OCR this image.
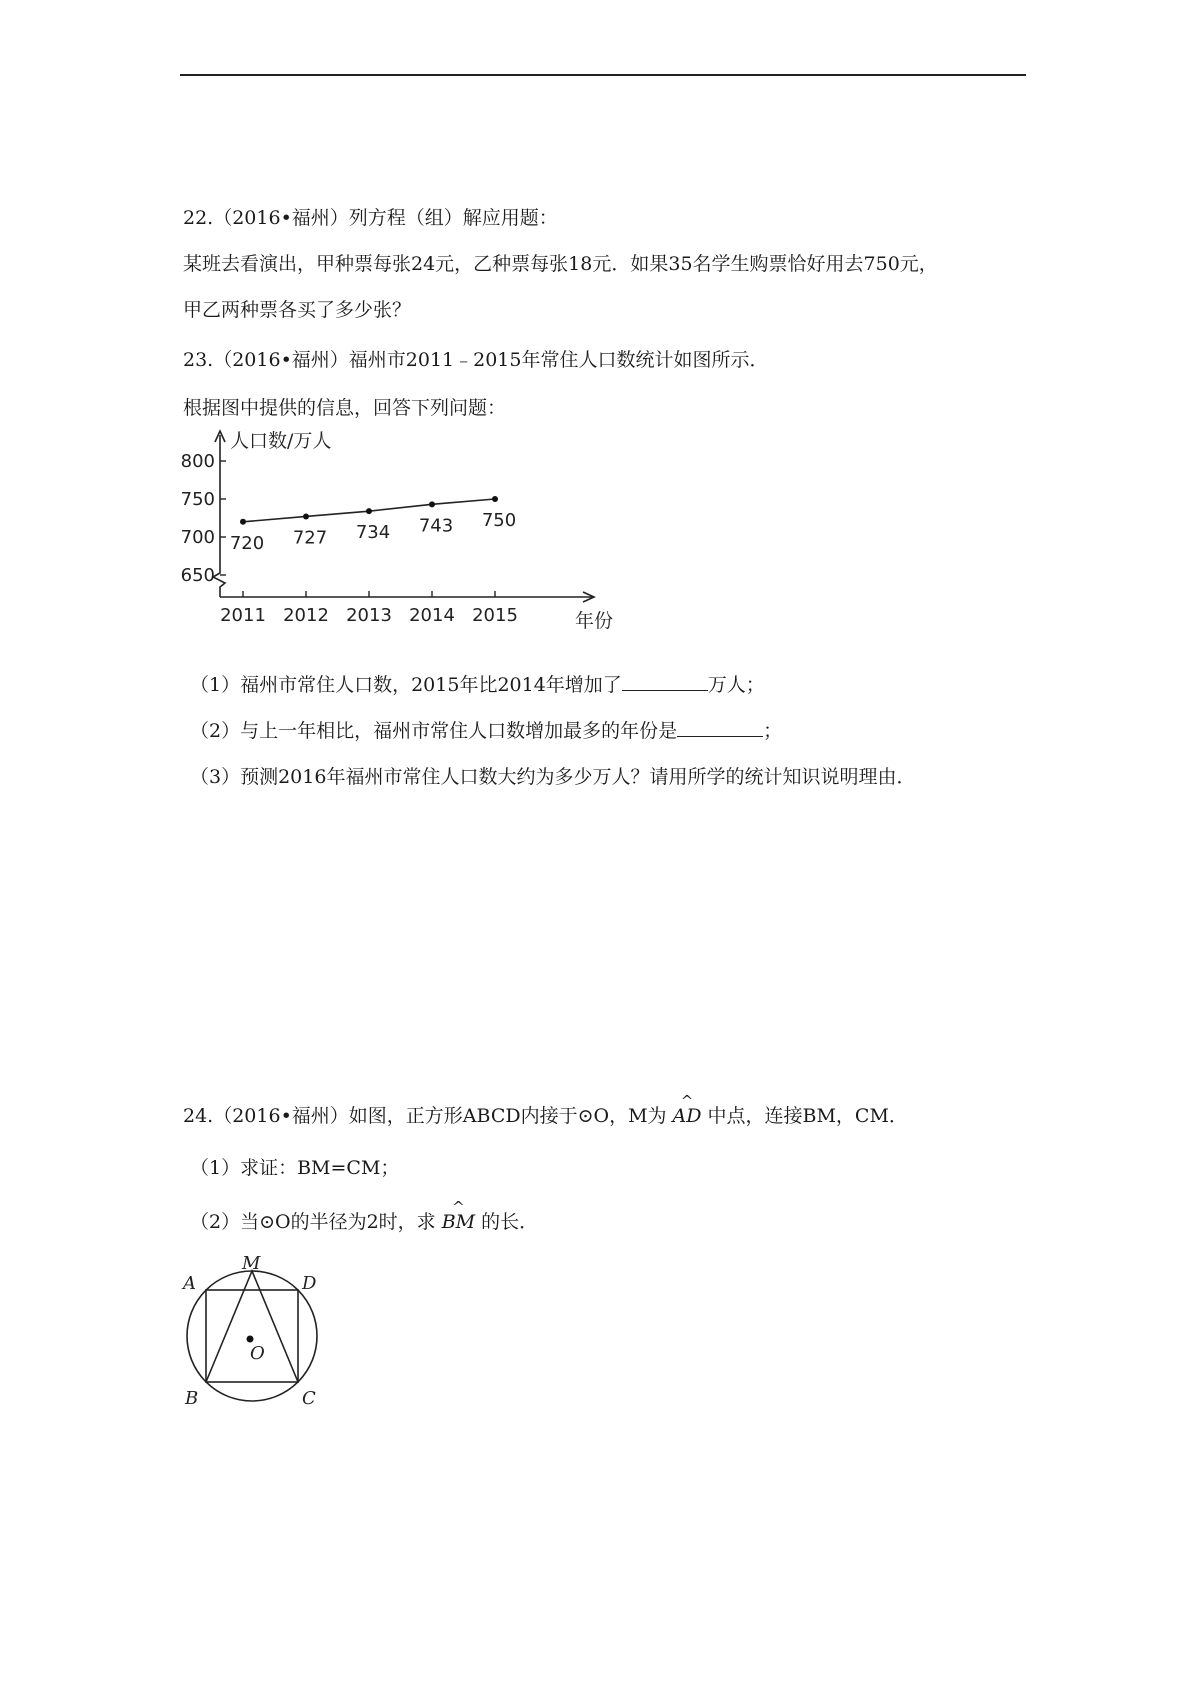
22.（2016•福州）列方程（组）解应用题：
某班去看演出，甲种票每张24元，乙种票每张18元．如果35名学生购票恰好用去750元，
甲乙两种票各买了多少张？
23.（2016•福州）福州市2011﹣2015年常住人口数统计如图所示．
根据图中提供的信息，回答下列问题：
人口数/万人
年份
650
700
750
800
2011 2012 2013 2014 2015
720 727 734 743 750
（1）福州市常住人口数，2015年比2014年增加了	万人；
（2）与上一年相比，福州市常住人口数增加最多的年份是	；
（3）预测2016年福州市常住人口数大约为多少万人？请用所学的统计知识说明理由．
24.（2016•福州）如图，正方形ABCD内接于⊙O，M为
^
AD 中点，连接BM，CM．
（1）求证：BM=CM；
（2）当⊙O的半径为2时，求
^
BM 的长．
A
M
D
B	C
O
